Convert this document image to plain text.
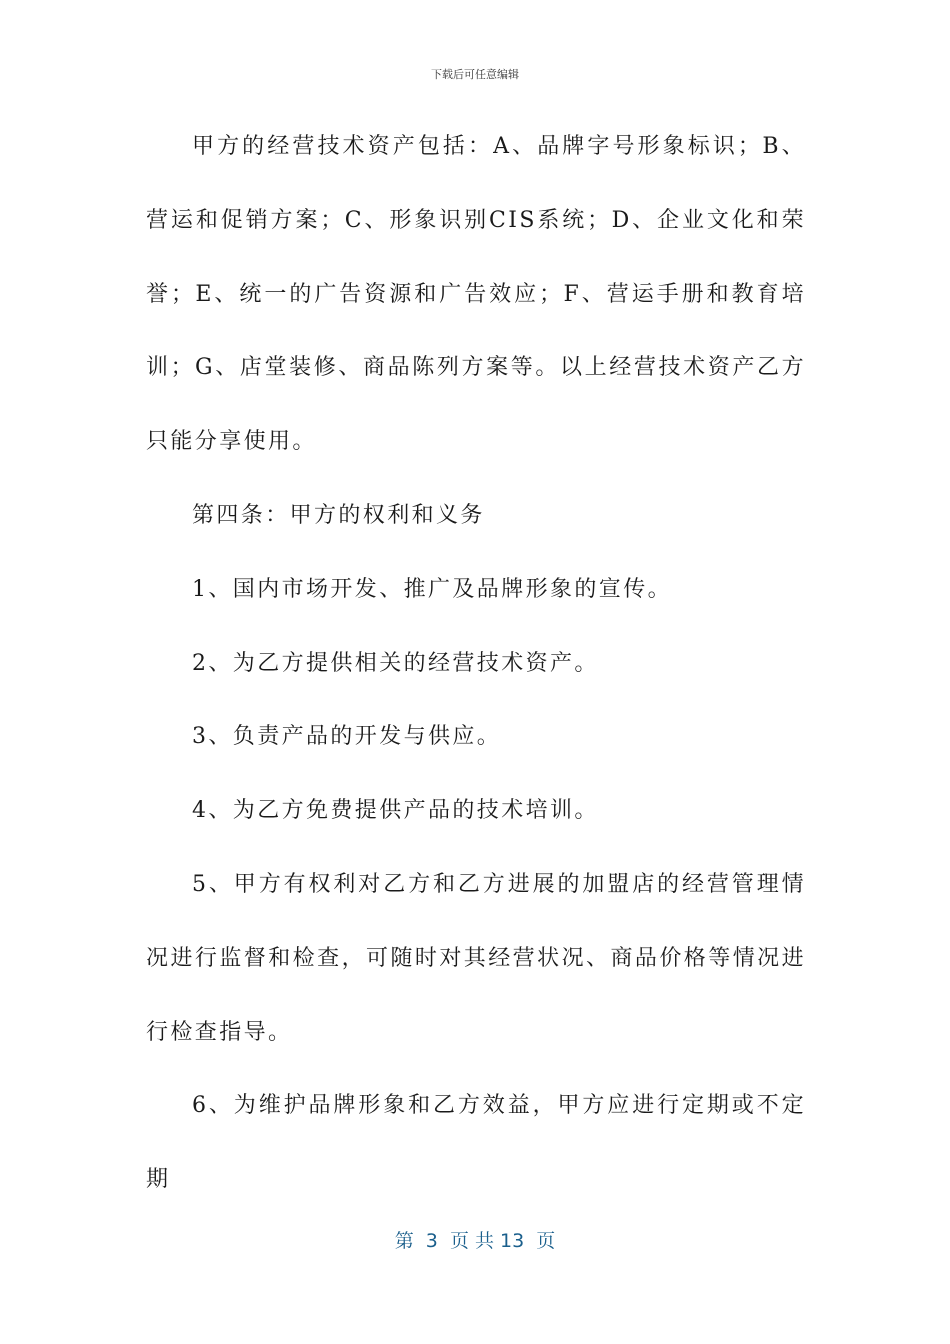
下载后可任意编辑

甲方的经营技术资产包括：A、品牌字号形象标识；B、营运和促销方案；C、形象识别CIS系统；D、企业文化和荣誉；E、统一的广告资源和广告效应；F、营运手册和教育培训；G、店堂装修、商品陈列方案等。以上经营技术资产乙方只能分享使用。

第四条：甲方的权利和义务

1、国内市场开发、推广及品牌形象的宣传。

2、为乙方提供相关的经营技术资产。

3、负责产品的开发与供应。

4、为乙方免费提供产品的技术培训。

5、甲方有权利对乙方和乙方进展的加盟店的经营管理情况进行监督和检查，可随时对其经营状况、商品价格等情况进行检查指导。

6、为维护品牌形象和乙方效益，甲方应进行定期或不定期

第  3  页 共 13  页
